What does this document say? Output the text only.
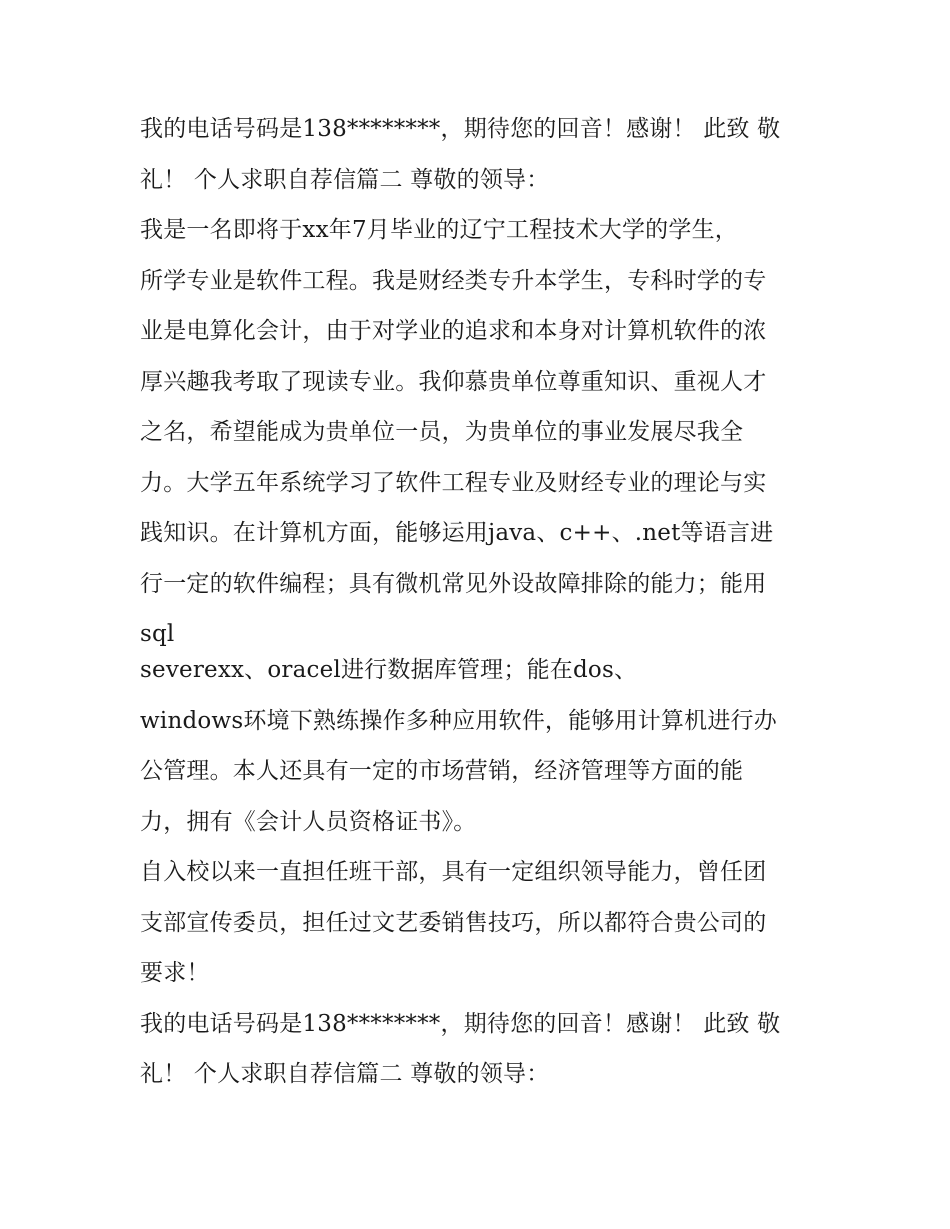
我的电话号码是138********，期待您的回音！感谢！ 此致 敬
礼！ 个人求职自荐信篇二 尊敬的领导：
我是一名即将于xx年7月毕业的辽宁工程技术大学的学生，
所学专业是软件工程。我是财经类专升本学生，专科时学的专
业是电算化会计，由于对学业的追求和本身对计算机软件的浓
厚兴趣我考取了现读专业。我仰慕贵单位尊重知识、重视人才
之名，希望能成为贵单位一员，为贵单位的事业发展尽我全
力。大学五年系统学习了软件工程专业及财经专业的理论与实
践知识。在计算机方面，能够运用java、c++、.net等语言进
行一定的软件编程；具有微机常见外设故障排除的能力；能用
sql
severexx、oracel进行数据库管理；能在dos、
windows环境下熟练操作多种应用软件，能够用计算机进行办
公管理。本人还具有一定的市场营销，经济管理等方面的能
力，拥有《会计人员资格证书》。
自入校以来一直担任班干部，具有一定组织领导能力，曾任团
支部宣传委员，担任过文艺委销售技巧，所以都符合贵公司的
要求！
我的电话号码是138********，期待您的回音！感谢！ 此致 敬
礼！ 个人求职自荐信篇二 尊敬的领导：
